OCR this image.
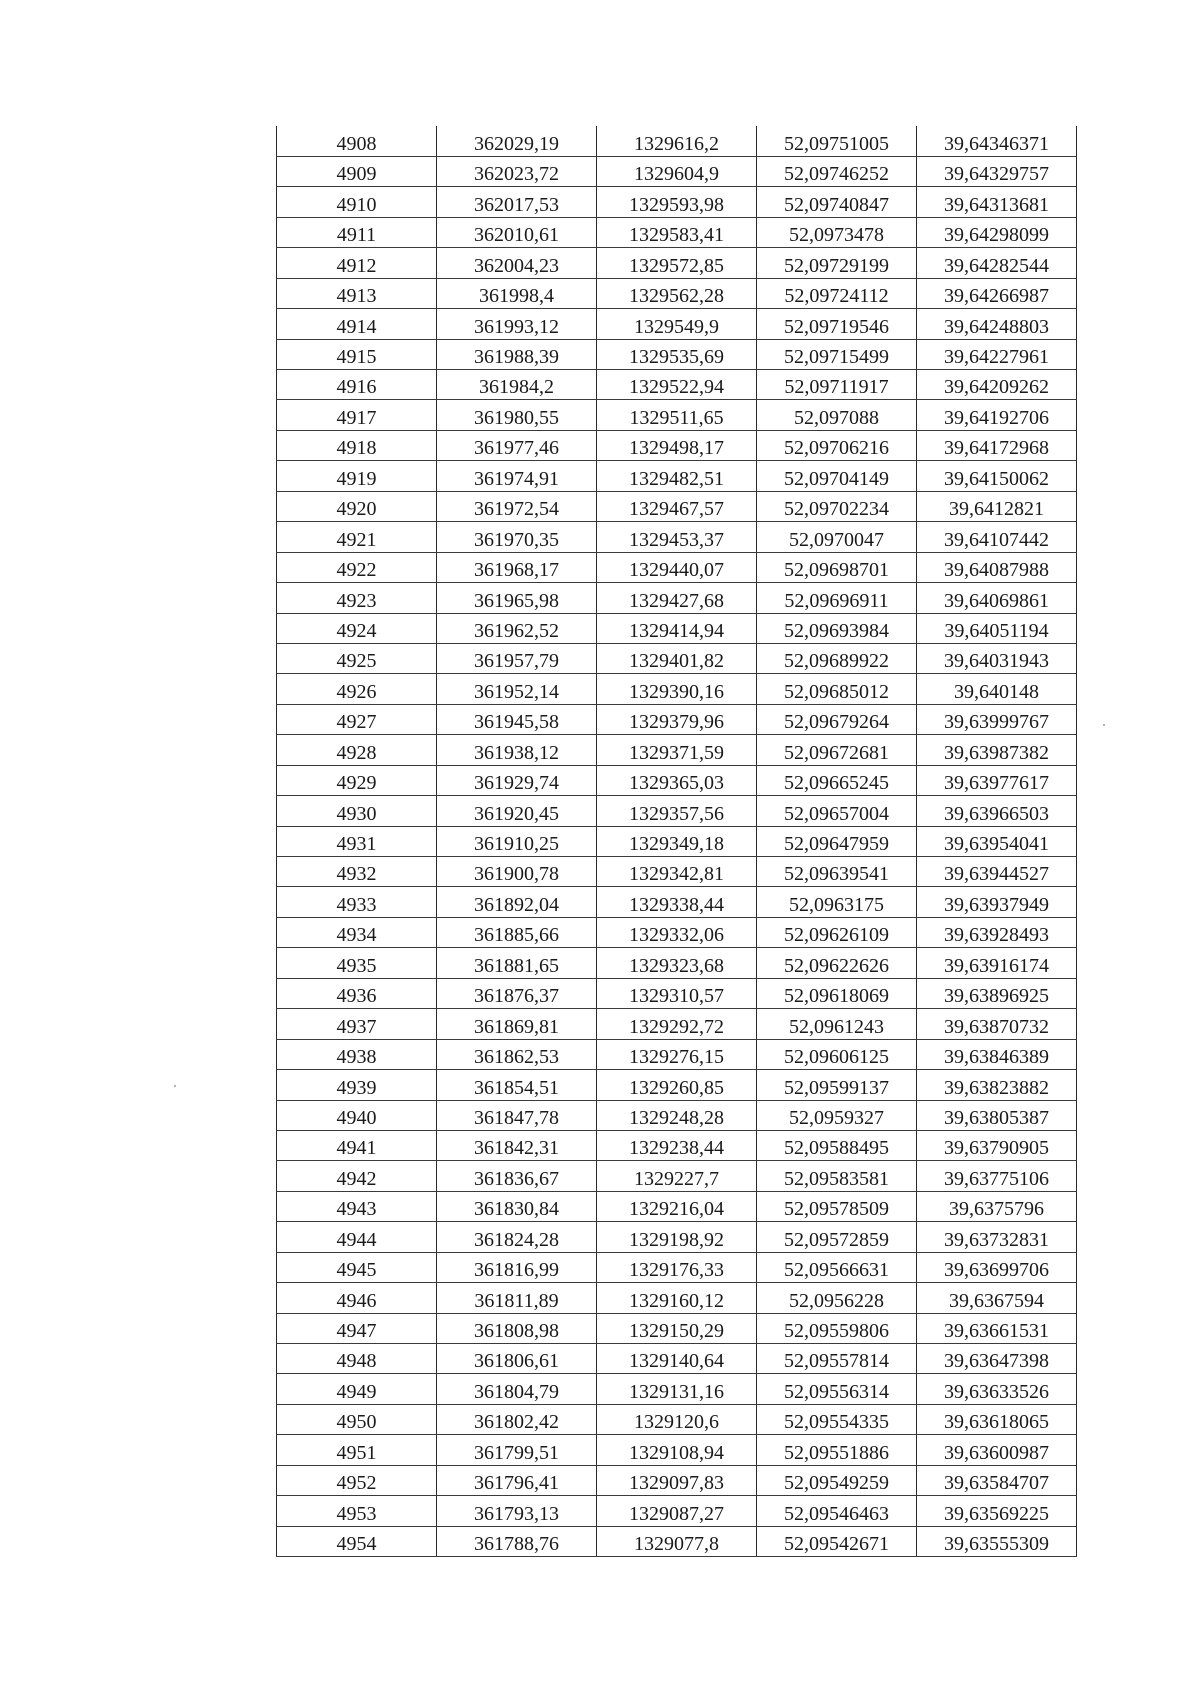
4908	362029,19	1329616,2	52,09751005	39,64346371
4909	362023,72	1329604,9	52,09746252	39,64329757
4910	362017,53	1329593,98	52,09740847	39,64313681
4911	362010,61	1329583,41	52,0973478	39,64298099
4912	362004,23	1329572,85	52,09729199	39,64282544
4913	361998,4	1329562,28	52,09724112	39,64266987
4914	361993,12	1329549,9	52,09719546	39,64248803
4915	361988,39	1329535,69	52,09715499	39,64227961
4916	361984,2	1329522,94	52,09711917	39,64209262
4917	361980,55	1329511,65	52,097088	39,64192706
4918	361977,46	1329498,17	52,09706216	39,64172968
4919	361974,91	1329482,51	52,09704149	39,64150062
4920	361972,54	1329467,57	52,09702234	39,6412821
4921	361970,35	1329453,37	52,0970047	39,64107442
4922	361968,17	1329440,07	52,09698701	39,64087988
4923	361965,98	1329427,68	52,09696911	39,64069861
4924	361962,52	1329414,94	52,09693984	39,64051194
4925	361957,79	1329401,82	52,09689922	39,64031943
4926	361952,14	1329390,16	52,09685012	39,640148
4927	361945,58	1329379,96	52,09679264	39,63999767
4928	361938,12	1329371,59	52,09672681	39,63987382
4929	361929,74	1329365,03	52,09665245	39,63977617
4930	361920,45	1329357,56	52,09657004	39,63966503
4931	361910,25	1329349,18	52,09647959	39,63954041
4932	361900,78	1329342,81	52,09639541	39,63944527
4933	361892,04	1329338,44	52,0963175	39,63937949
4934	361885,66	1329332,06	52,09626109	39,63928493
4935	361881,65	1329323,68	52,09622626	39,63916174
4936	361876,37	1329310,57	52,09618069	39,63896925
4937	361869,81	1329292,72	52,0961243	39,63870732
4938	361862,53	1329276,15	52,09606125	39,63846389
4939	361854,51	1329260,85	52,09599137	39,63823882
4940	361847,78	1329248,28	52,0959327	39,63805387
4941	361842,31	1329238,44	52,09588495	39,63790905
4942	361836,67	1329227,7	52,09583581	39,63775106
4943	361830,84	1329216,04	52,09578509	39,6375796
4944	361824,28	1329198,92	52,09572859	39,63732831
4945	361816,99	1329176,33	52,09566631	39,63699706
4946	361811,89	1329160,12	52,0956228	39,6367594
4947	361808,98	1329150,29	52,09559806	39,63661531
4948	361806,61	1329140,64	52,09557814	39,63647398
4949	361804,79	1329131,16	52,09556314	39,63633526
4950	361802,42	1329120,6	52,09554335	39,63618065
4951	361799,51	1329108,94	52,09551886	39,63600987
4952	361796,41	1329097,83	52,09549259	39,63584707
4953	361793,13	1329087,27	52,09546463	39,63569225
4954	361788,76	1329077,8	52,09542671	39,63555309
